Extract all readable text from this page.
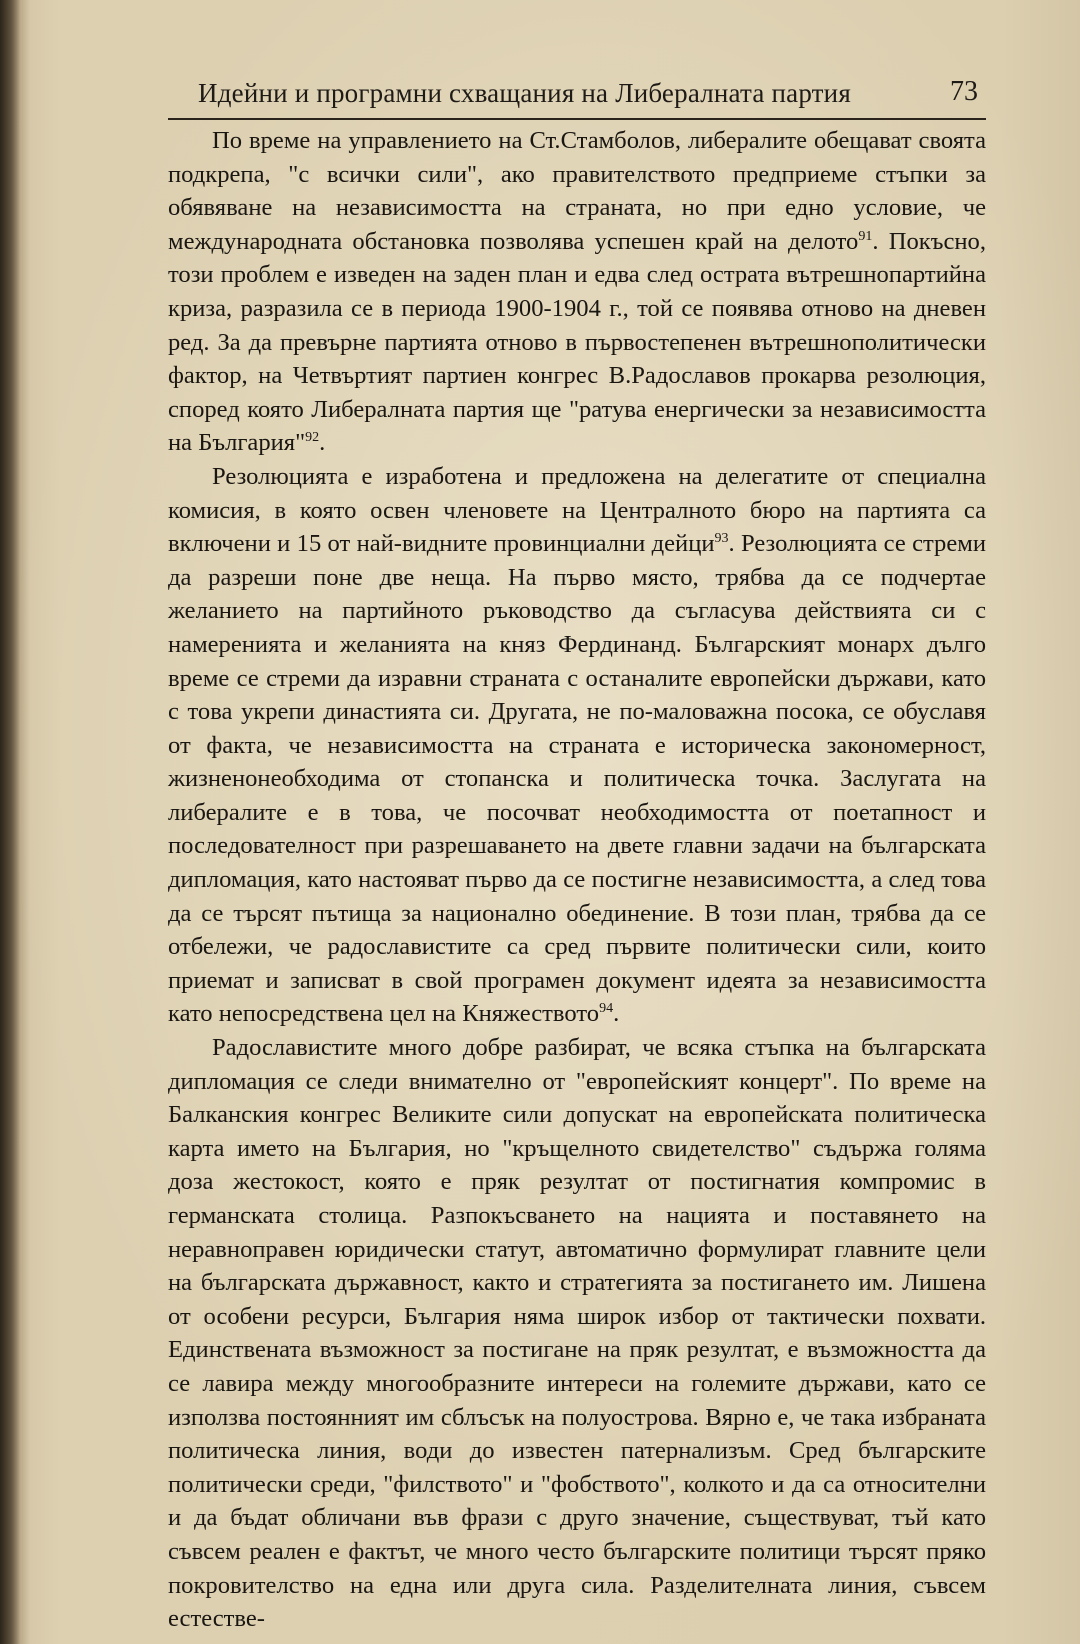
Идейни и програмни схващания на Либералната партия	73

По време на управлението на Ст.Стамболов, либералите обещават своята подкрепа, "с всички сили", ако правителството предприеме стъпки за обявяване на независимостта на страната, но при едно условие, че международната обстановка позволява успешен край на делото$^{91}$. Покъсно, този проблем е изведен на заден план и едва след острата вътрешнопартийна криза, разразила се в периода 1900-1904 г., той се появява отново на дневен ред. За да превърне партията отново в първостепенен вътрешнополитически фактор, на Четвъртият партиен конгрес В.Радославов прокарва резолюция, според която Либералната партия ще "ратува енергически за независимостта на България"$^{92}$.

Резолюцията е изработена и предложена на делегатите от специална комисия, в която освен членовете на Централното бюро на партията са включени и 15 от най-видните провинциални дейци$^{93}$. Резолюцията се стреми да разреши поне две неща. На първо място, трябва да се подчертае желанието на партийното ръководство да съгласува действията си с намеренията и желанията на княз Фердинанд. Българският монарх дълго време се стреми да изравни страната с останалите европейски държави, като с това укрепи династията си. Другата, не по-маловажна посока, се обуславя от факта, че независимостта на страната е историческа закономерност, жизненонеобходима от стопанска и политическа точка. Заслугата на либералите е в това, че посочват необходимостта от поетапност и последователност при разрешаването на двете главни задачи на българската дипломация, като настояват първо да се постигне независимостта, а след това да се търсят пътища за национално обединение. В този план, трябва да се отбележи, че радославистите са сред първите политически сили, които приемат и записват в свой програмен документ идеята за независимостта като непосредствена цел на Княжеството$^{94}$.

Радославистите много добре разбират, че всяка стъпка на българската дипломация се следи внимателно от "европейският концерт". По време на Балканския конгрес Великите сили допускат на европейската политическа карта името на България, но "кръщелното свидетелство" съдържа голяма доза жестокост, която е пряк резултат от постигнатия компромис в германската столица. Разпокъсването на нацията и поставянето на неравноправен юридически статут, автоматично формулират главните цели на българската държавност, както и стратегията за постигането им. Лишена от особени ресурси, България няма широк избор от тактически похвати. Единствената възможност за постигане на пряк резултат, е възможността да се лавира между многообразните интереси на големите държави, като се използва постоянният им сблъсък на полуострова. Вярно е, че така избраната политическа линия, води до известен патернализъм. Сред българските политически среди, "филството" и "фобството", колкото и да са относителни и да бъдат обличани във фрази с друго значение, съществуват, тъй като съвсем реален е фактът, че много често българските политици търсят пряко покровителство на една или друга сила. Разделителната линия, съвсем естестве-
